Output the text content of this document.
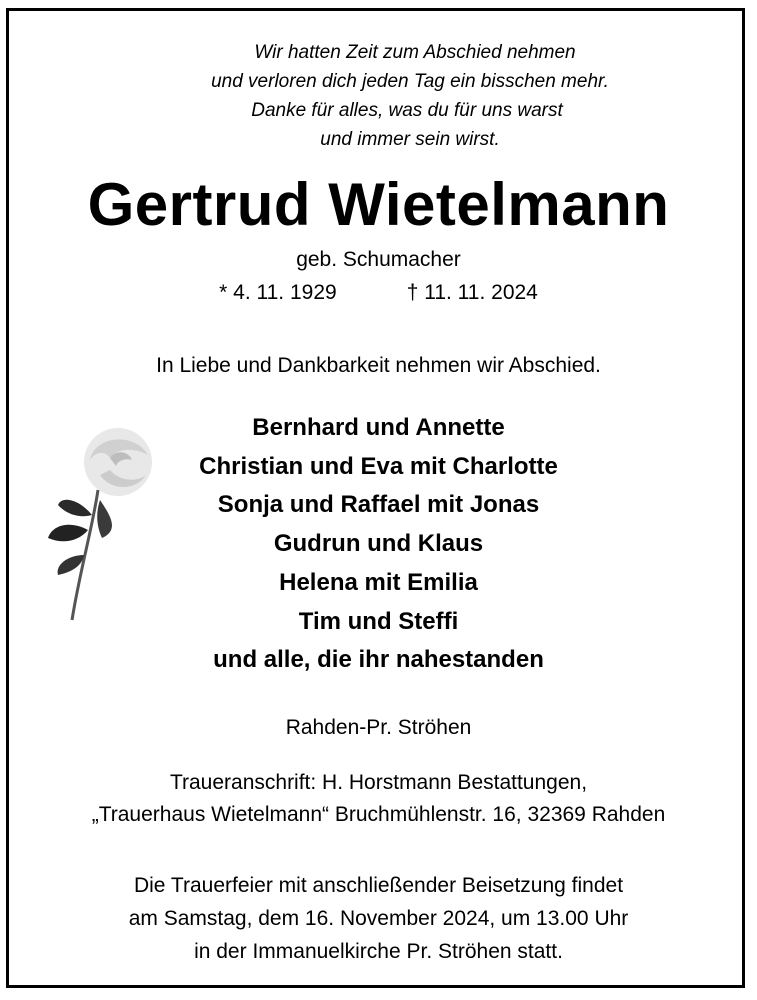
Wir hatten Zeit zum Abschied nehmen
und verloren dich jeden Tag ein bisschen mehr.
Danke für alles, was du für uns warst
und immer sein wirst.
Gertrud Wietelmann
geb. Schumacher
* 4. 11. 1929	† 11. 11. 2024
In Liebe und Dankbarkeit nehmen wir Abschied.
Bernhard und Annette
Christian und Eva mit Charlotte
Sonja und Raffael mit Jonas
Gudrun und Klaus
Helena mit Emilia
Tim und Steffi
und alle, die ihr nahestanden
Rahden-Pr. Ströhen
Traueranschrift: H. Horstmann Bestattungen,
„Trauerhaus Wietelmann“ Bruchmühlenstr. 16, 32369 Rahden
Die Trauerfeier mit anschließender Beisetzung findet
am Samstag, dem 16. November 2024, um 13.00 Uhr
in der Immanuelkirche Pr. Ströhen statt.
